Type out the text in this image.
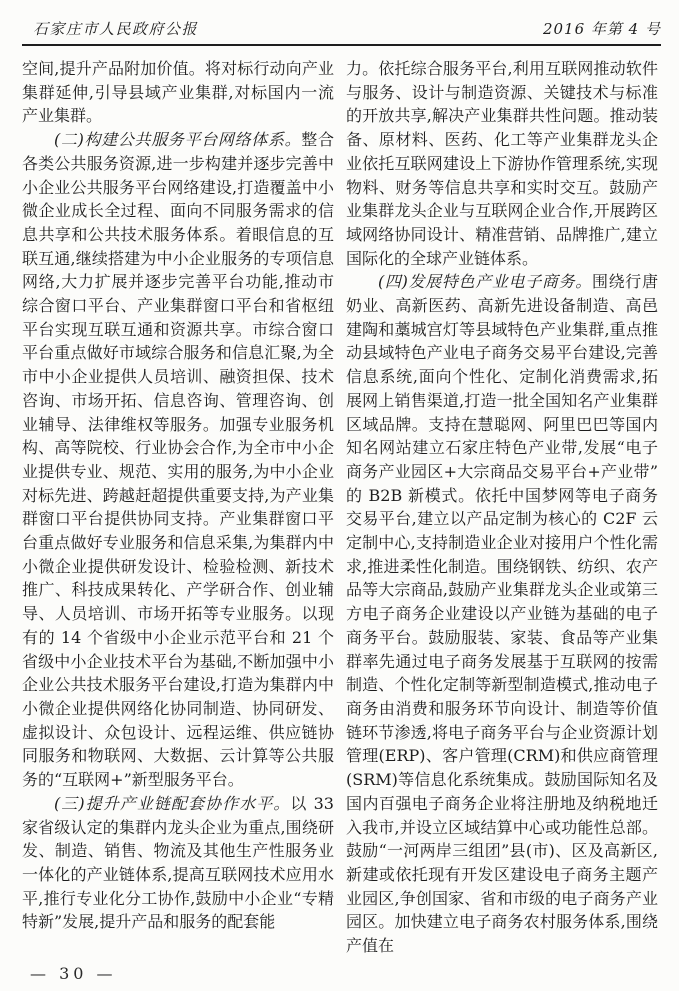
石家庄市人民政府公报	2016 年第 4 号

空间,提升产品附加价值。将对标行动向产业集群延伸,引导县域产业集群,对标国内一流产业集群。

(二)构建公共服务平台网络体系。整合各类公共服务资源,进一步构建并逐步完善中小企业公共服务平台网络建设,打造覆盖中小微企业成长全过程、面向不同服务需求的信息共享和公共技术服务体系。着眼信息的互联互通,继续搭建为中小企业服务的专项信息网络,大力扩展并逐步完善平台功能,推动市综合窗口平台、产业集群窗口平台和省枢纽平台实现互联互通和资源共享。市综合窗口平台重点做好市域综合服务和信息汇聚,为全市中小企业提供人员培训、融资担保、技术咨询、市场开拓、信息咨询、管理咨询、创业辅导、法律维权等服务。加强专业服务机构、高等院校、行业协会合作,为全市中小企业提供专业、规范、实用的服务,为中小企业对标先进、跨越赶超提供重要支持,为产业集群窗口平台提供协同支持。产业集群窗口平台重点做好专业服务和信息采集,为集群内中小微企业提供研发设计、检验检测、新技术推广、科技成果转化、产学研合作、创业辅导、人员培训、市场开拓等专业服务。以现有的 14 个省级中小企业示范平台和 21 个省级中小企业技术平台为基础,不断加强中小企业公共技术服务平台建设,打造为集群内中小微企业提供网络化协同制造、协同研发、虚拟设计、众包设计、远程运维、供应链协同服务和物联网、大数据、云计算等公共服务的“互联网+”新型服务平台。

(三)提升产业链配套协作水平。以 33 家省级认定的集群内龙头企业为重点,围绕研发、制造、销售、物流及其他生产性服务业一体化的产业链体系,提高互联网技术应用水平,推行专业化分工协作,鼓励中小企业“专精特新”发展,提升产品和服务的配套能

力。依托综合服务平台,利用互联网推动软件与服务、设计与制造资源、关键技术与标准的开放共享,解决产业集群共性问题。推动装备、原材料、医药、化工等产业集群龙头企业依托互联网建设上下游协作管理系统,实现物料、财务等信息共享和实时交互。鼓励产业集群龙头企业与互联网企业合作,开展跨区域网络协同设计、精准营销、品牌推广,建立国际化的全球产业链体系。

(四)发展特色产业电子商务。围绕行唐奶业、高新医药、高新先进设备制造、高邑建陶和藁城宫灯等县域特色产业集群,重点推动县域特色产业电子商务交易平台建设,完善信息系统,面向个性化、定制化消费需求,拓展网上销售渠道,打造一批全国知名产业集群区域品牌。支持在慧聪网、阿里巴巴等国内知名网站建立石家庄特色产业带,发展“电子商务产业园区+大宗商品交易平台+产业带”的 B2B 新模式。依托中国梦网等电子商务交易平台,建立以产品定制为核心的 C2F 云定制中心,支持制造业企业对接用户个性化需求,推进柔性化制造。围绕钢铁、纺织、农产品等大宗商品,鼓励产业集群龙头企业或第三方电子商务企业建设以产业链为基础的电子商务平台。鼓励服装、家装、食品等产业集群率先通过电子商务发展基于互联网的按需制造、个性化定制等新型制造模式,推动电子商务由消费和服务环节向设计、制造等价值链环节渗透,将电子商务平台与企业资源计划管理(ERP)、客户管理(CRM)和供应商管理(SRM)等信息化系统集成。鼓励国际知名及国内百强电子商务企业将注册地及纳税地迁入我市,并设立区域结算中心或功能性总部。鼓励“一河两岸三组团”县(市)、区及高新区,新建或依托现有开发区建设电子商务主题产业园区,争创国家、省和市级的电子商务产业园区。加快建立电子商务农村服务体系,围绕产值在

— 30 —
